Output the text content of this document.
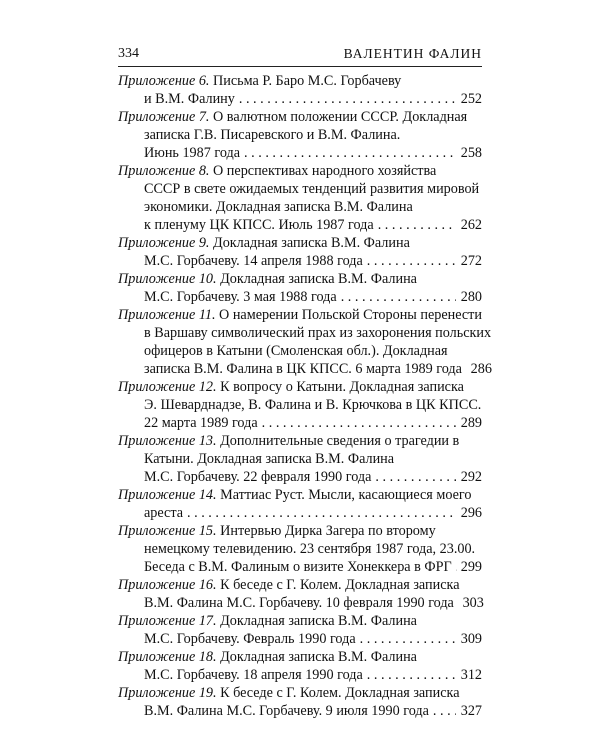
334	ВАЛЕНТИН ФАЛИН
Приложение 6.
Письма Р. Баро М.С. Горбачеву
и В.М. Фалину . . .	252
Приложение 7.
О валютном положении СССР. Докладная
записка Г.В. Писаревского и В.М. Фалина.
Июнь 1987 года . . .	258
Приложение 8.
О перспективах народного хозяйства
СССР в свете ожидаемых тенденций развития мировой
экономики. Докладная записка В.М. Фалина
к пленуму ЦК КПСС. Июль 1987 года . . .	262
Приложение 9.
Докладная записка В.М. Фалина
М.С. Горбачеву. 14 апреля 1988 года . . .	272
Приложение 10.
Докладная записка В.М. Фалина
М.С. Горбачеву. 3 мая 1988 года . . .	280
Приложение 11.
О намерении Польской Стороны перенести
в Варшаву символический прах из захоронения польских
офицеров в Катыни (Смоленская обл.). Докладная
записка В.М. Фалина в ЦК КПСС. 6 марта 1989 года 286
Приложение 12.
К вопросу о Катыни. Докладная записка
Э. Шеварднадзе, В. Фалина и В. Крючкова в ЦК КПСС.
22 марта 1989 года . . .	289
Приложение 13.
Дополнительные сведения о трагедии в
Катыни. Докладная записка В.М. Фалина
М.С. Горбачеву. 22 февраля 1990 года . . .	292
Приложение 14.
Маттиас Руст. Мысли, касающиеся моего
ареста . . .	296
Приложение 15.
Интервью Дирка Загера по второму
немецкому телевидению. 23 сентября 1987 года, 23.00.
Беседа с В.М. Фалиным о визите Хонеккера в ФРГ . . . 299
Приложение 16.
К беседе с Г. Колем. Докладная записка
В.М. Фалина М.С. Горбачеву. 10 февраля 1990 года 303
Приложение 17.
Докладная записка В.М. Фалина
М.С. Горбачеву. Февраль 1990 года . . .	309
Приложение 18.
Докладная записка В.М. Фалина
М.С. Горбачеву. 18 апреля 1990 года . . .	312
Приложение 19.
К беседе с Г. Колем. Докладная записка
В.М. Фалина М.С. Горбачеву. 9 июля 1990 года . . . 327
